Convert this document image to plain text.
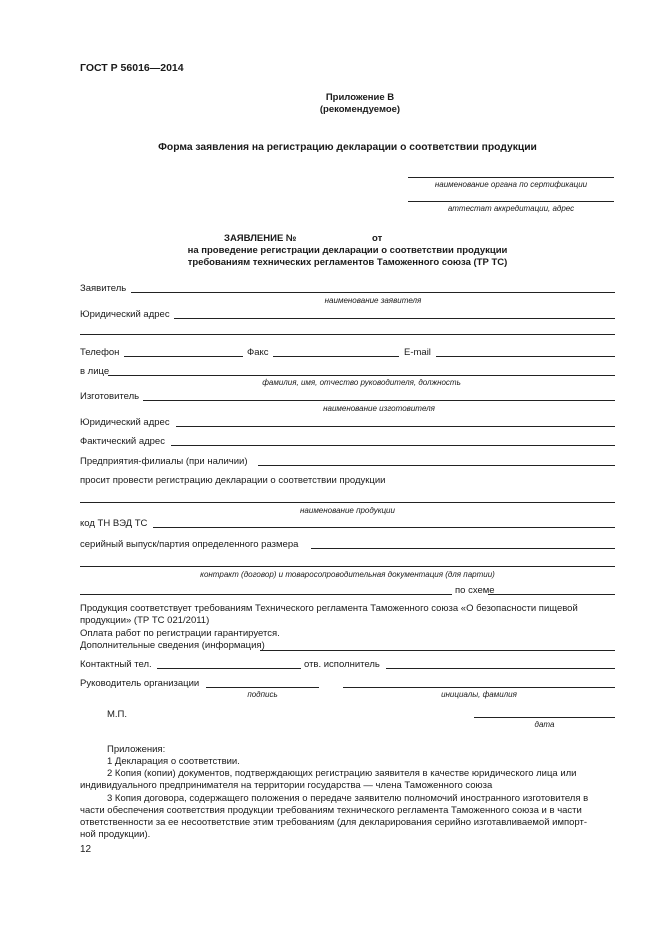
ГОСТ Р 56016—2014
Приложение В
(рекомендуемое)
Форма заявления на регистрацию декларации о соответствии продукции
наименование органа по сертификации
аттестат аккредитации, адрес
ЗАЯВЛЕНИЕ №	от
на проведение регистрации декларации о соответствии продукции
требованиям технических регламентов Таможенного союза (ТР ТС)
Заявитель
наименование заявителя
Юридический адрес
Телефон	Факс	E-mail
в лице
фамилия, имя, отчество руководителя, должность
Изготовитель
наименование изготовителя
Юридический адрес
Фактический адрес
Предприятия-филиалы (при наличии)
просит провести регистрацию декларации о соответствии продукции
наименование продукции
код ТН ВЭД ТС
серийный выпуск/партия определенного размера
контракт (договор) и товаросопроводительная документация (для партии)
по схеме
Продукция соответствует требованиям Технического регламента Таможенного союза «О безопасности пищевой
продукции» (ТР ТС 021/2011)
Оплата работ по регистрации гарантируется.
Дополнительные сведения (информация)
Контактный тел.	отв. исполнитель
Руководитель организации
подпись	инициалы, фамилия
М.П.
дата
Приложения:
1 Декларация о соответствии.
2 Копия (копии) документов, подтверждающих регистрацию заявителя в качестве юридического лица или
индивидуального предпринимателя на территории государства — члена Таможенного союза
3 Копия договора, содержащего положения о передаче заявителю полномочий иностранного изготовителя в
части обеспечения соответствия продукции требованиям технического регламента Таможенного союза и в части
ответственности за ее несоответствие этим требованиям (для декларирования серийно изготавливаемой импорт-
ной продукции).
12
